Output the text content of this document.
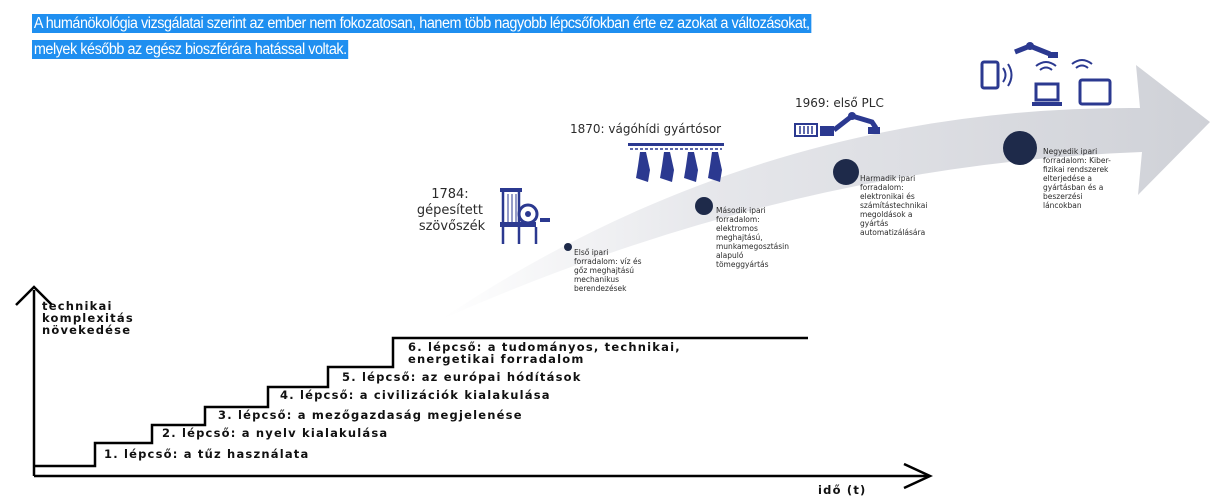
A humánökológia vizsgálatai szerint az ember nem fokozatosan, hanem több nagyobb lépcsőfokban érte ez azokat a változásokat,
melyek később az egész bioszférára hatással voltak.

Első ipari forradalom: víz és gőz meghajtású mechanikus berendezések
Második ipari forradalom: elektromos meghajtású, munkamegosztásin alapuló tömeggyártás
Harmadik ipari forradalom: elektronikai és számítástechnikai megoldások a gyártás automatizálására
Negyedik ipari forradalom: Kiber- fizikai rendszerek elterjedése a gyártásban és a beszerzési láncokban
1784: gépesített szövőszék
1870: vágóhídi gyártósor
1969: első PLC
technikai komplexitás növekedése
idő (t)
1. lépcső: a tűz használata
2. lépcső: a nyelv kialakulása
3. lépcső: a mezőgazdaság megjelenése
4. lépcső: a civilizációk kialakulása
5. lépcső: az európai hódítások
6. lépcső: a tudományos, technikai, energetikai forradalom
